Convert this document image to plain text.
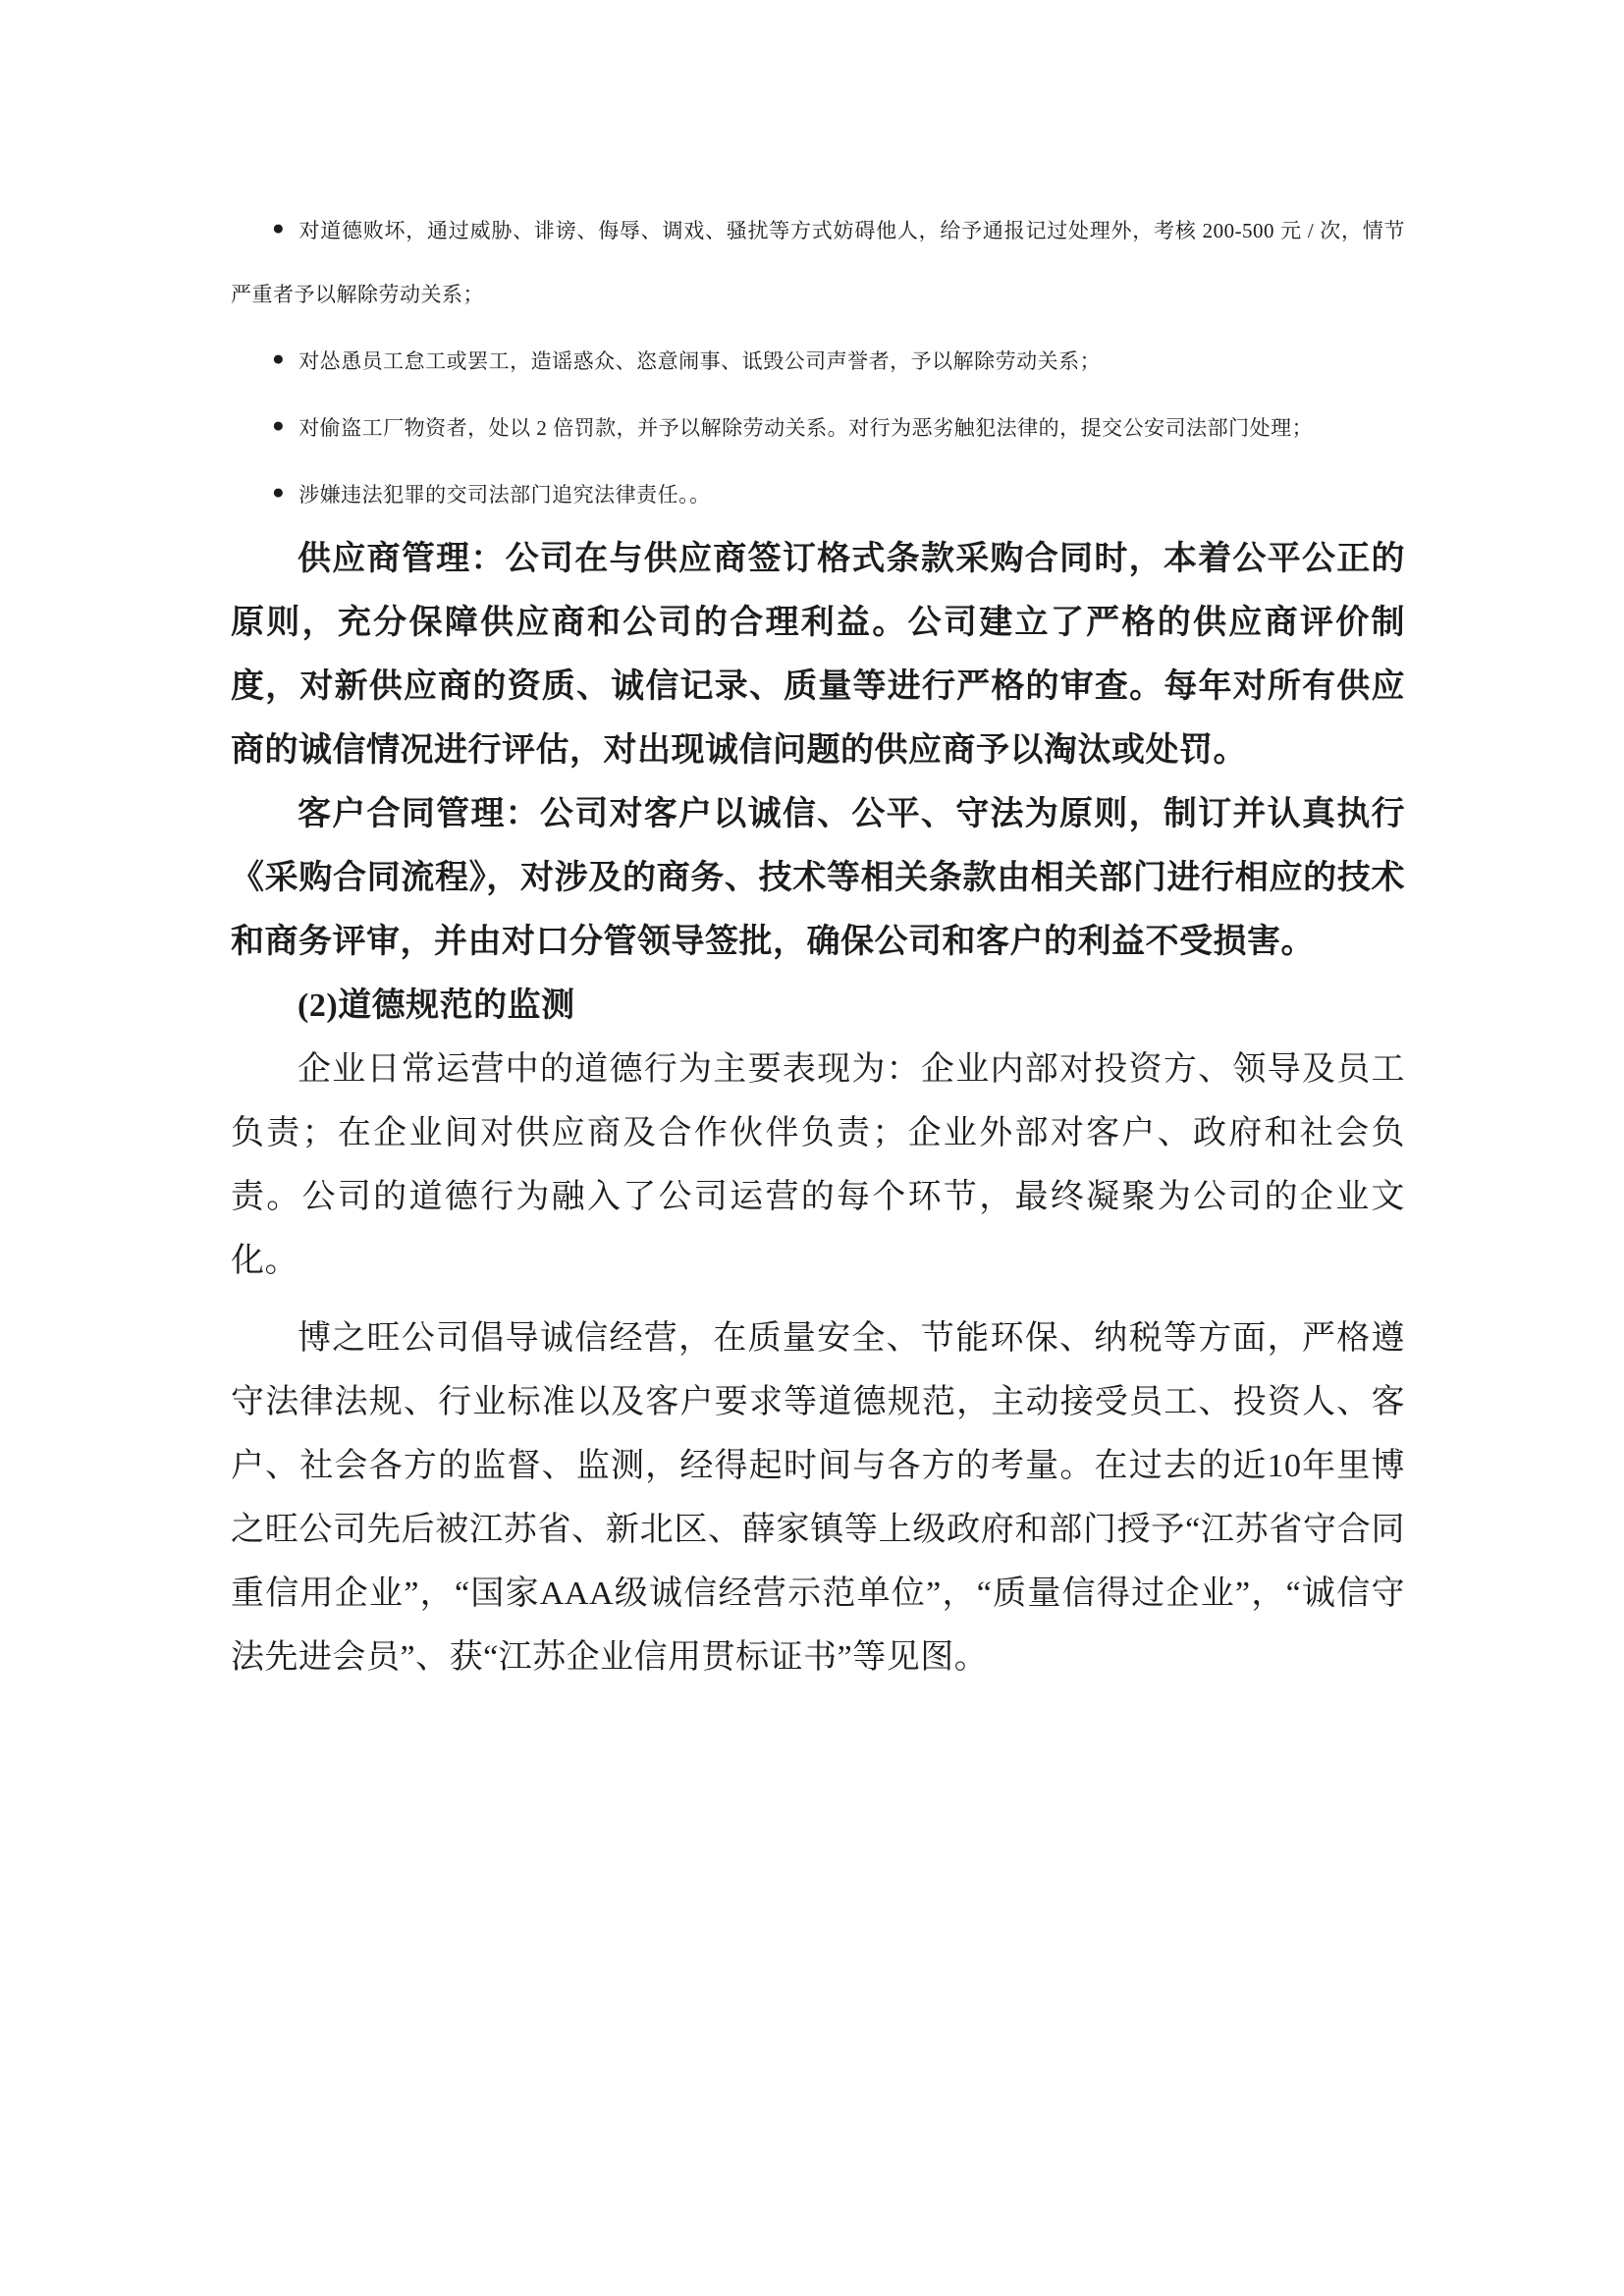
● 对道德败坏，通过威胁、诽谤、侮辱、调戏、骚扰等方式妨碍他人，给予通报记过处理外，考核 200-500 元 / 次，情节严重者予以解除劳动关系；

● 对怂恿员工怠工或罢工，造谣惑众、恣意闹事、诋毁公司声誉者，予以解除劳动关系；

● 对偷盗工厂物资者，处以 2 倍罚款，并予以解除劳动关系。对行为恶劣触犯法律的，提交公安司法部门处理；

● 涉嫌违法犯罪的交司法部门追究法律责任。。

供应商管理：公司在与供应商签订格式条款采购合同时，本着公平公正的原则，充分保障供应商和公司的合理利益。公司建立了严格的供应商评价制度，对新供应商的资质、诚信记录、质量等进行严格的审查。每年对所有供应商的诚信情况进行评估，对出现诚信问题的供应商予以淘汰或处罚。

客户合同管理：公司对客户以诚信、公平、守法为原则，制订并认真执行《采购合同流程》，对涉及的商务、技术等相关条款由相关部门进行相应的技术和商务评审，并由对口分管领导签批，确保公司和客户的利益不受损害。

(2)道德规范的监测

企业日常运营中的道德行为主要表现为：企业内部对投资方、领导及员工负责；在企业间对供应商及合作伙伴负责；企业外部对客户、政府和社会负责。公司的道德行为融入了公司运营的每个环节，最终凝聚为公司的企业文化。

博之旺公司倡导诚信经营，在质量安全、节能环保、纳税等方面，严格遵守法律法规、行业标准以及客户要求等道德规范，主动接受员工、投资人、客户、社会各方的监督、监测，经得起时间与各方的考量。在过去的近10年里博之旺公司先后被江苏省、新北区、薛家镇等上级政府和部门授予“江苏省守合同重信用企业”，“国家AAA级诚信经营示范单位”，“质量信得过企业”，“诚信守法先进会员”、获“江苏企业信用贯标证书”等见图。
